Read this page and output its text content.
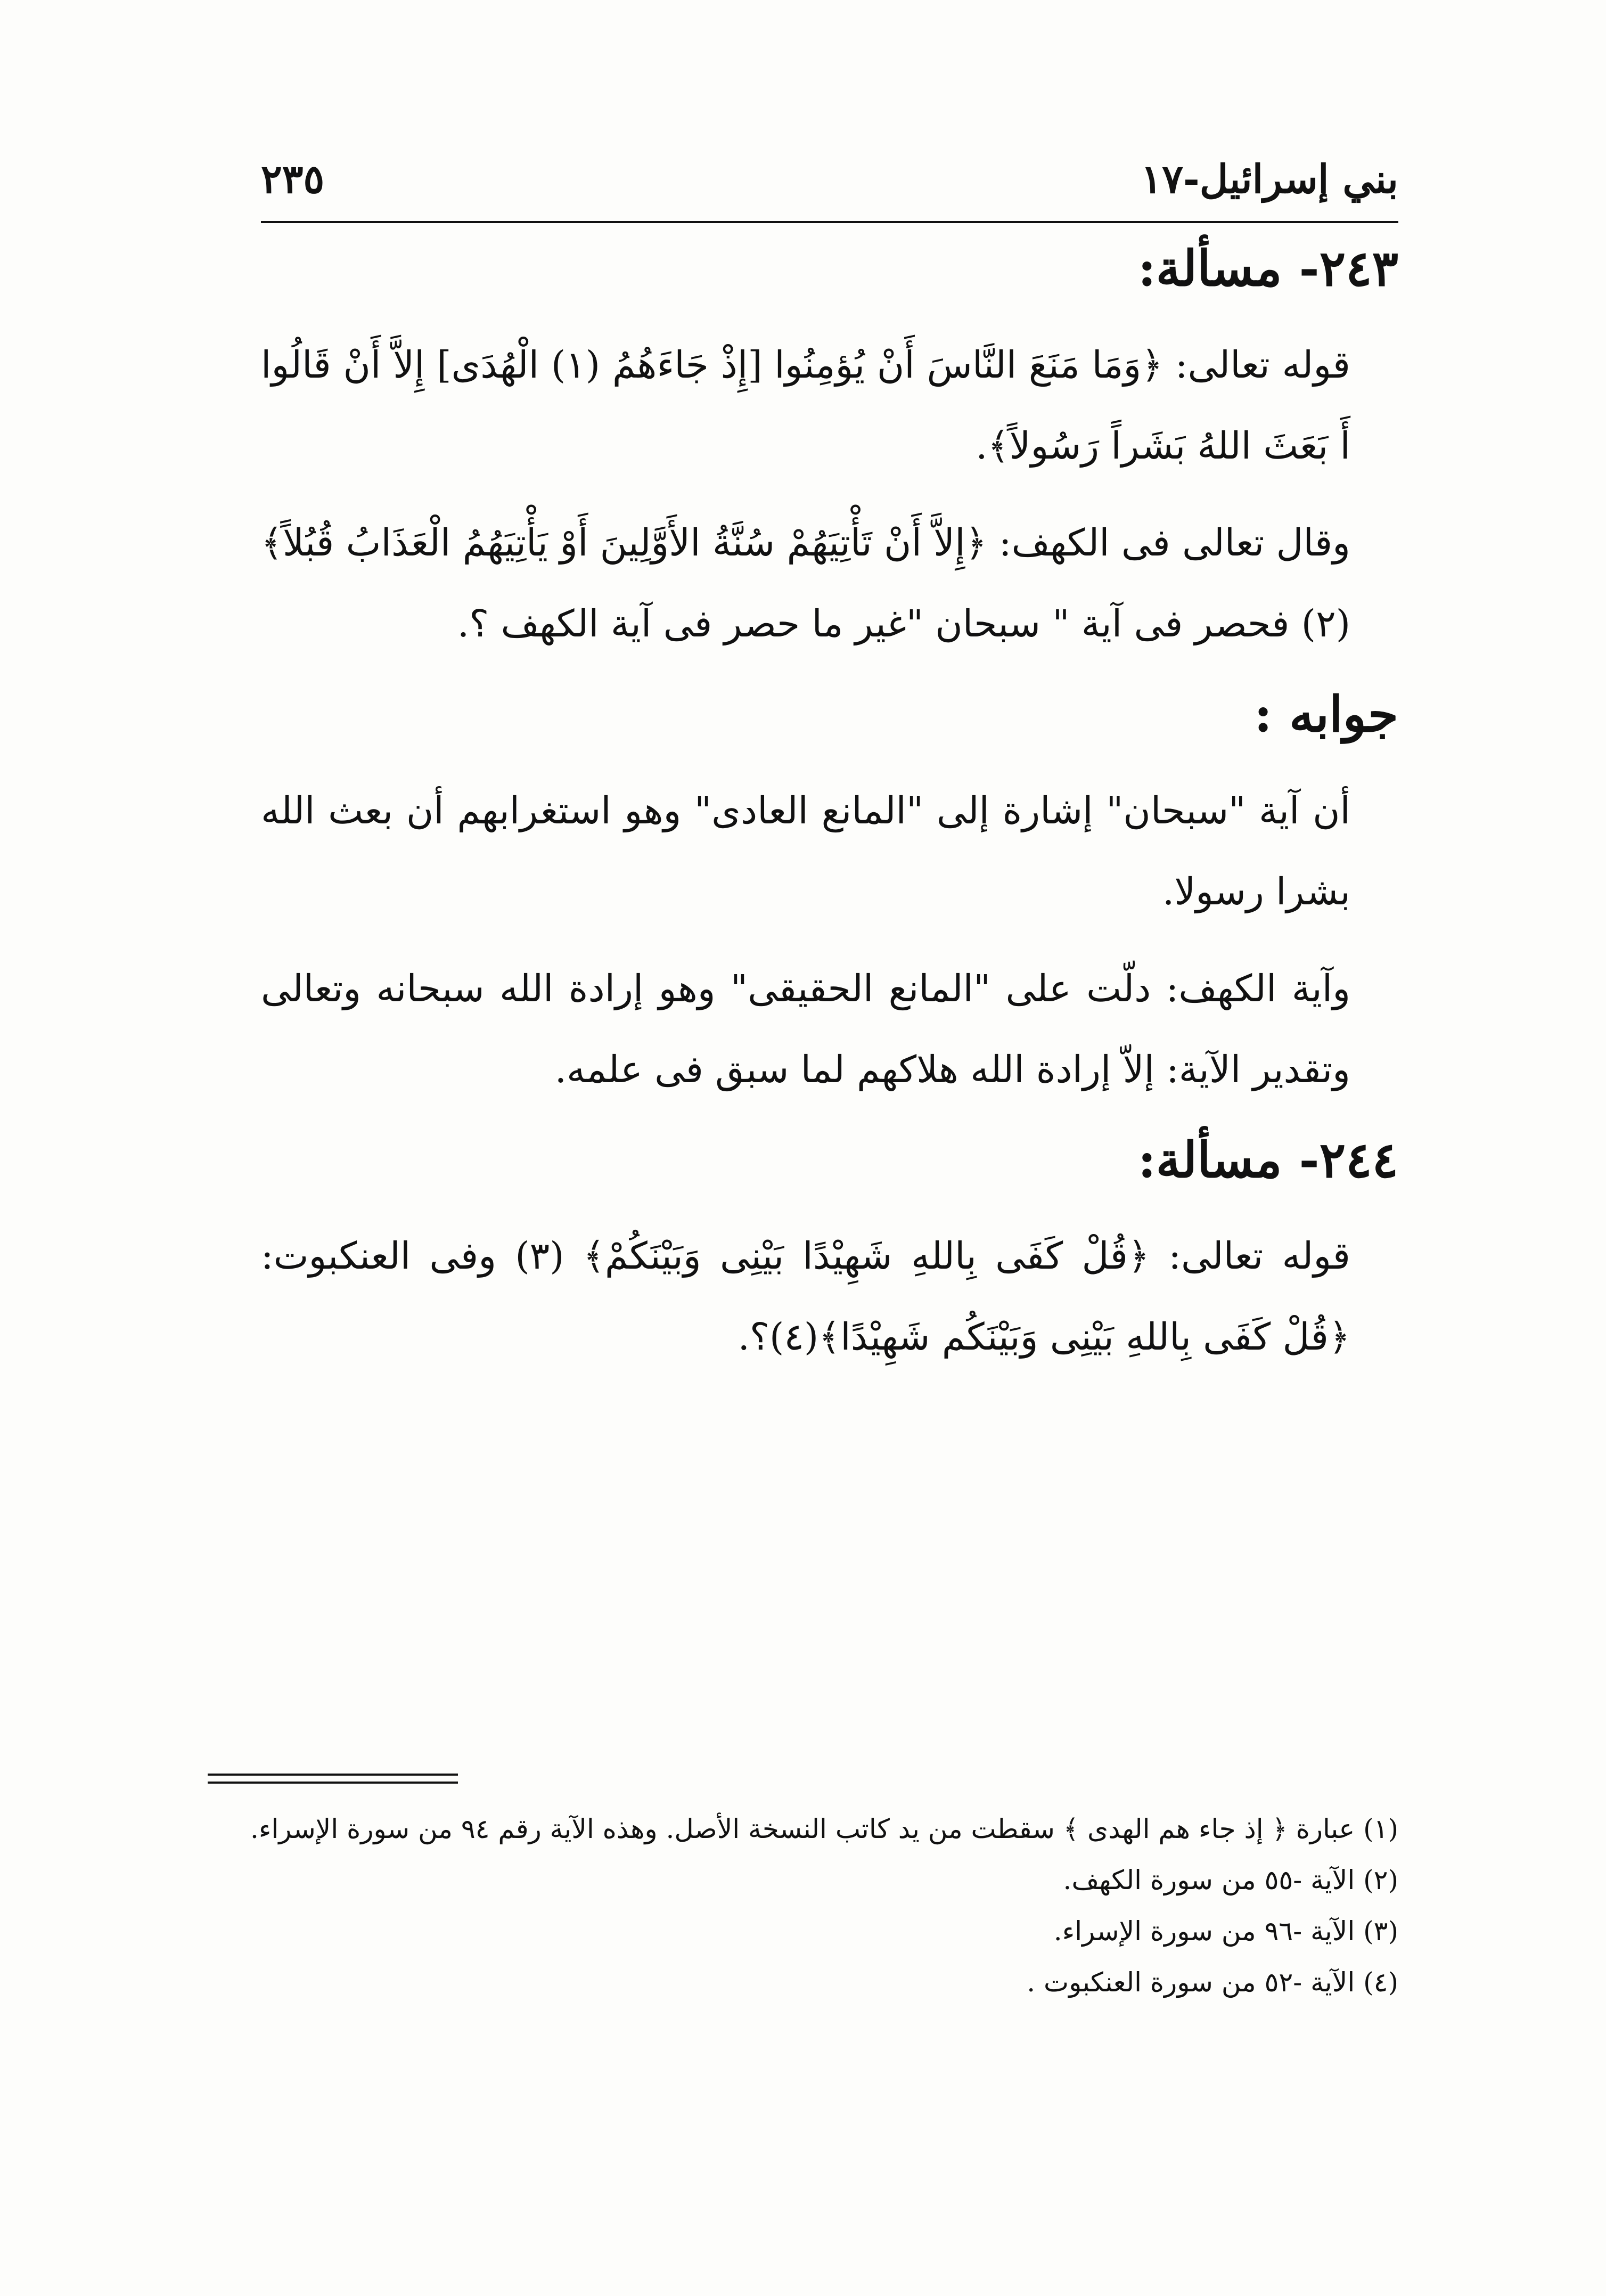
بني إسرائيل-١٧
٢٣٥
٢٤٣- مسألة:

قوله تعالى: ﴿وَمَا مَنَعَ النَّاسَ أَنْ يُؤمِنُوا [إِذْ جَاءَهُمُ (١) الْهُدَى] إِلاَّ أَنْ قَالُوا أَ بَعَثَ اللهُ بَشَراً رَسُولاً﴾.

وقال تعالى فى الكهف: ﴿إِلاَّ أَنْ تَأْتِيَهُمْ سُنَّةُ الأَوَّلِينَ أَوْ يَأْتِيَهُمُ الْعَذَابُ قُبُلاً﴾ (٢) فحصر فى آية " سبحان "غير ما حصر فى آية الكهف ؟.

جوابه :

أن آية "سبحان" إشارة إلى "المانع العادى" وهو استغرابهم أن بعث الله بشرا رسولا.

وآية الكهف: دلّت على "المانع الحقيقى" وهو إرادة الله سبحانه وتعالى وتقدير الآية: إلاّ إرادة الله هلاكهم لما سبق فى علمه.

٢٤٤- مسألة:

قوله تعالى: ﴿قُلْ كَفَى بِاللهِ شَهِيْدًا بَيْنِى وَبَيْنَكُمْ﴾ (٣) وفى العنكبوت: ﴿قُلْ كَفَى بِاللهِ بَيْنِى وَبَيْنَكُم شَهِيْدًا﴾(٤)؟.

(١) عبارة ﴿ إذ جاء هم الهدى ﴾ سقطت من يد كاتب النسخة الأصل. وهذه الآية رقم ٩٤ من سورة الإسراء.

(٢) الآية -٥٥ من سورة الكهف.

(٣) الآية -٩٦ من سورة الإسراء.

(٤) الآية -٥٢ من سورة العنكبوت .
